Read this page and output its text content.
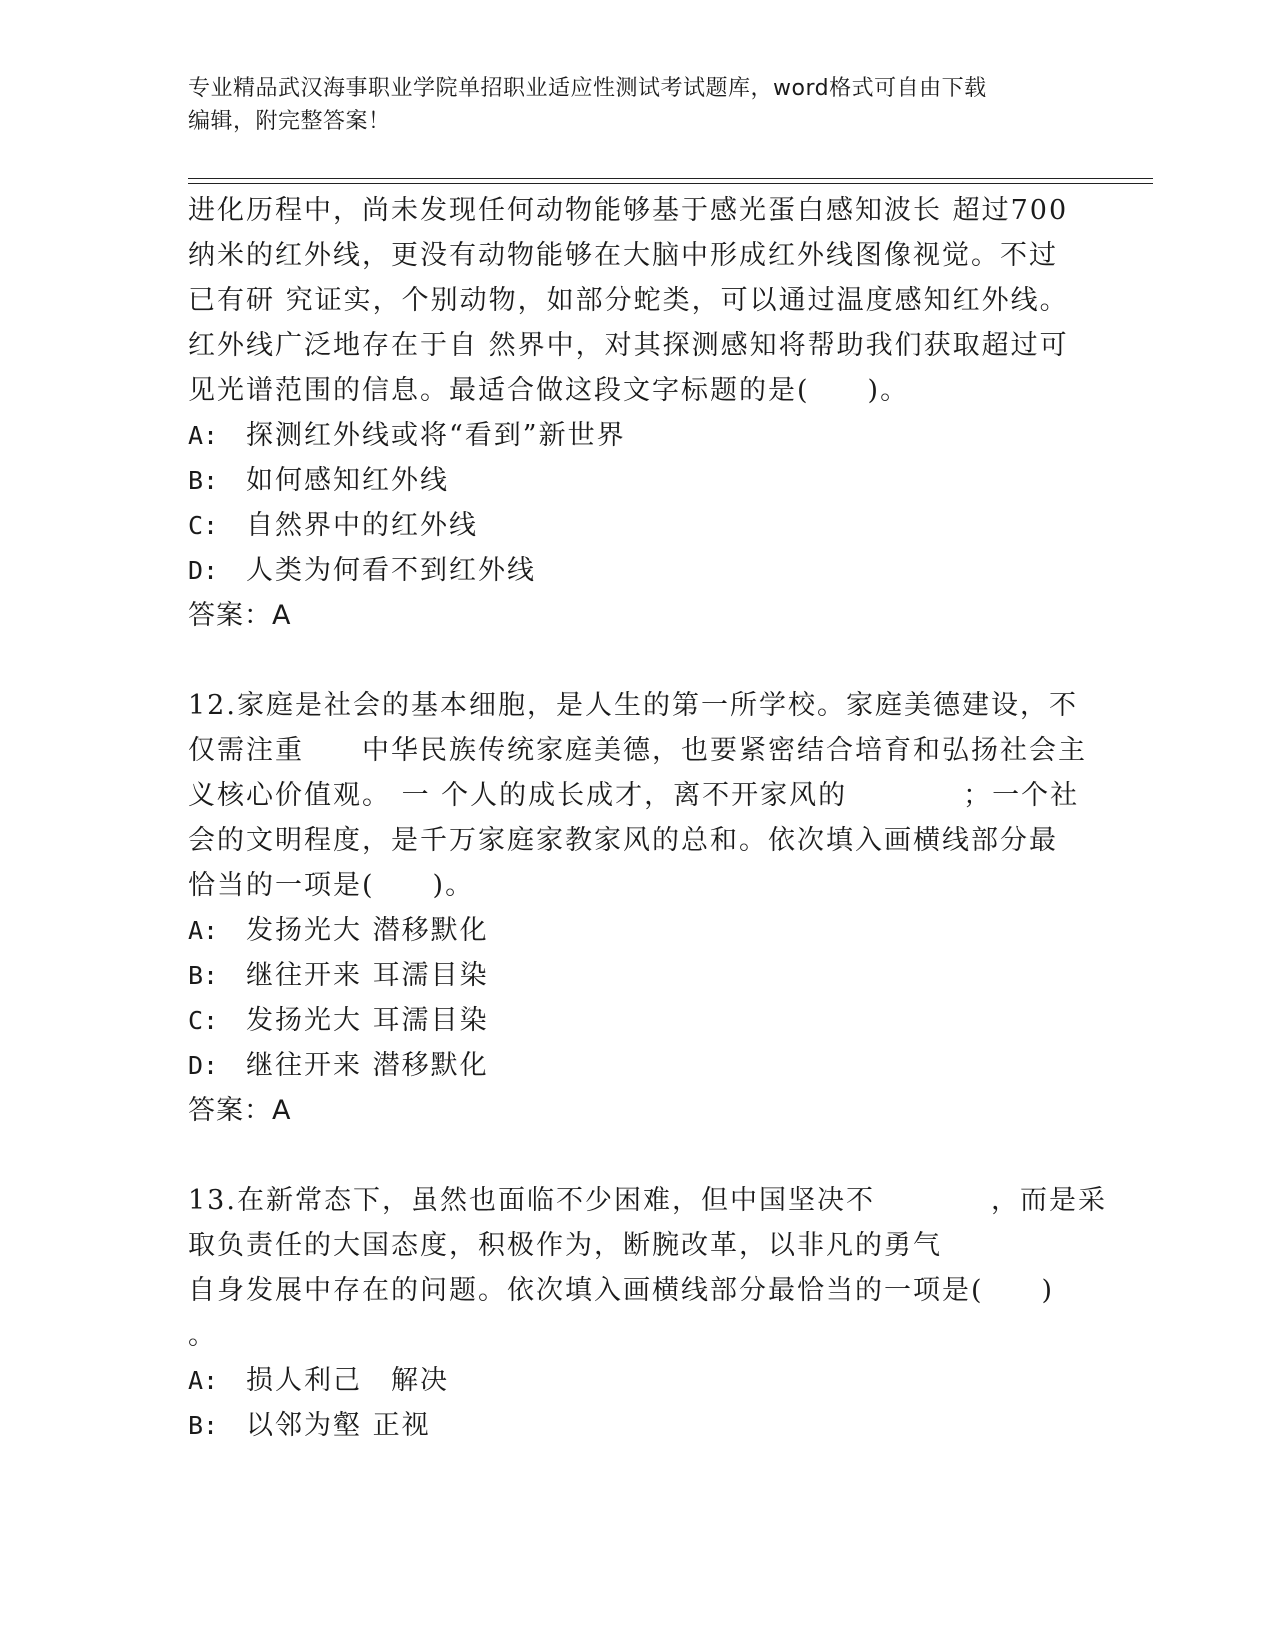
专业精品武汉海事职业学院单招职业适应性测试考试题库，word格式可自由下载
编辑，附完整答案！
进化历程中，尚未发现任何动物能够基于感光蛋白感知波长 超过700
纳米的红外线，更没有动物能够在大脑中形成红外线图像视觉。不过
已有研 究证实，个别动物，如部分蛇类，可以通过温度感知红外线。
红外线广泛地存在于自 然界中，对其探测感知将帮助我们获取超过可
见光谱范围的信息。最适合做这段文字标题的是(　　)。
A: 探测红外线或将“看到”新世界
B: 如何感知红外线
C: 自然界中的红外线
D: 人类为何看不到红外线
答案：A
12.家庭是社会的基本细胞，是人生的第一所学校。家庭美德建设，不
仅需注重　　中华民族传统家庭美德，也要紧密结合培育和弘扬社会主
义核心价值观。 一 个人的成长成才，离不开家风的　　　　；一个社
会的文明程度，是千万家庭家教家风的总和。依次填入画横线部分最
恰当的一项是(　　)。
A: 发扬光大 潜移默化
B: 继往开来 耳濡目染
C: 发扬光大 耳濡目染
D: 继往开来 潜移默化
答案：A
13.在新常态下，虽然也面临不少困难，但中国坚决不　　　　，而是采
取负责任的大国态度，积极作为，断腕改革，以非凡的勇气
自身发展中存在的问题。依次填入画横线部分最恰当的一项是(　　)
。
A: 损人利己　解决
B: 以邻为壑 正视
